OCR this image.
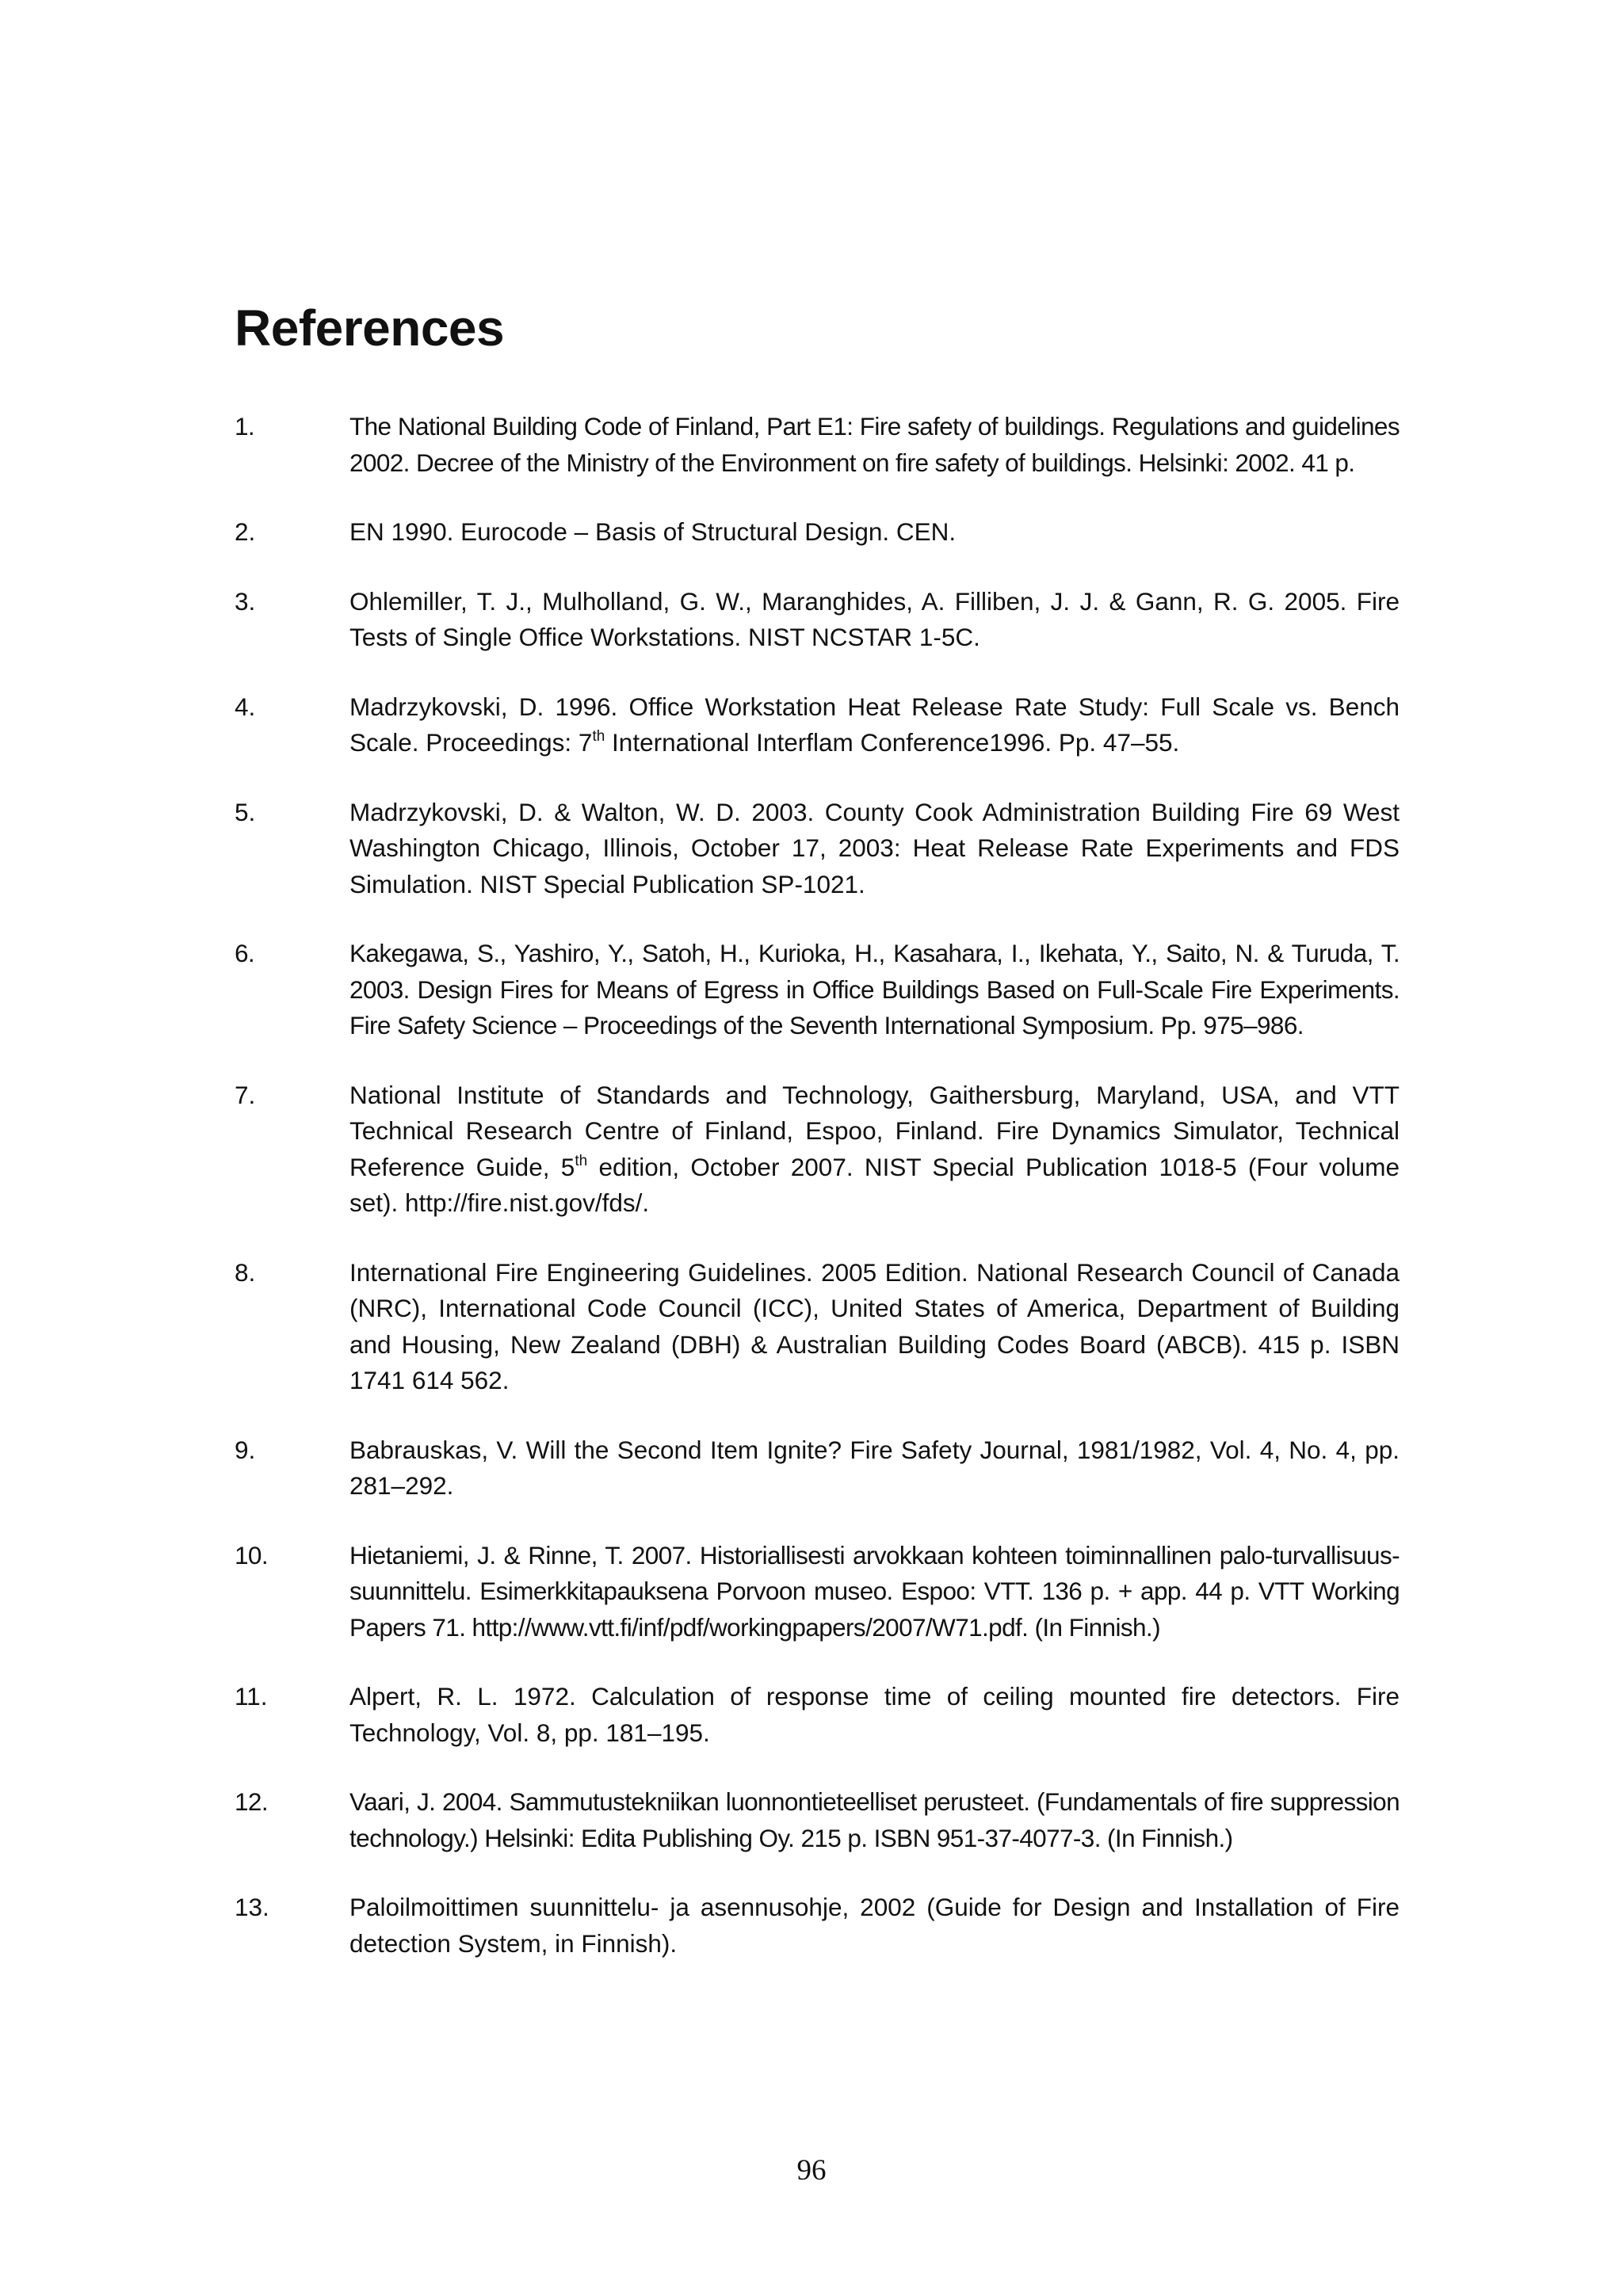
References
1.	The National Building Code of Finland, Part E1: Fire safety of buildings. Regulations and guidelines 2002. Decree of the Ministry of the Environment on fire safety of buildings. Helsinki: 2002. 41 p.
2.	EN 1990. Eurocode – Basis of Structural Design. CEN.
3.	Ohlemiller, T. J., Mulholland, G. W., Maranghides, A. Filliben, J. J. & Gann, R. G. 2005. Fire Tests of Single Office Workstations. NIST NCSTAR 1-5C.
4.	Madrzykovski, D. 1996. Office Workstation Heat Release Rate Study: Full Scale vs. Bench Scale. Proceedings: 7th International Interflam Conference1996. Pp. 47–55.
5.	Madrzykovski, D. & Walton, W. D. 2003. County Cook Administration Building Fire 69 West Washington Chicago, Illinois, October 17, 2003: Heat Release Rate Experiments and FDS Simulation. NIST Special Publication SP-1021.
6.	Kakegawa, S., Yashiro, Y., Satoh, H., Kurioka, H., Kasahara, I., Ikehata, Y., Saito, N. & Turuda, T. 2003. Design Fires for Means of Egress in Office Buildings Based on Full-Scale Fire Experiments. Fire Safety Science – Proceedings of the Seventh International Symposium. Pp. 975–986.
7.	National Institute of Standards and Technology, Gaithersburg, Maryland, USA, and VTT Technical Research Centre of Finland, Espoo, Finland. Fire Dynamics Simulator, Technical Reference Guide, 5th edition, October 2007. NIST Special Publication 1018-5 (Four volume set). http://fire.nist.gov/fds/.
8.	International Fire Engineering Guidelines. 2005 Edition. National Research Council of Canada (NRC), International Code Council (ICC), United States of America, Department of Building and Housing, New Zealand (DBH) & Australian Building Codes Board (ABCB). 415 p. ISBN 1741 614 562.
9.	Babrauskas, V. Will the Second Item Ignite? Fire Safety Journal, 1981/1982, Vol. 4, No. 4, pp. 281–292.
10.	Hietaniemi, J. & Rinne, T. 2007. Historiallisesti arvokkaan kohteen toiminnallinen palo-turvallisuus-suunnittelu. Esimerkkitapauksena Porvoon museo. Espoo: VTT. 136 p. + app. 44 p. VTT Working Papers 71. http://www.vtt.fi/inf/pdf/workingpapers/2007/W71.pdf. (In Finnish.)
11.	Alpert, R. L. 1972. Calculation of response time of ceiling mounted fire detectors. Fire Technology, Vol. 8, pp. 181–195.
12.	Vaari, J. 2004. Sammutustekniikan luonnontieteelliset perusteet. (Fundamentals of fire suppression technology.) Helsinki: Edita Publishing Oy. 215 p. ISBN 951-37-4077-3. (In Finnish.)
13.	Paloilmoittimen suunnittelu- ja asennusohje, 2002 (Guide for Design and Installation of Fire detection System, in Finnish).
96
